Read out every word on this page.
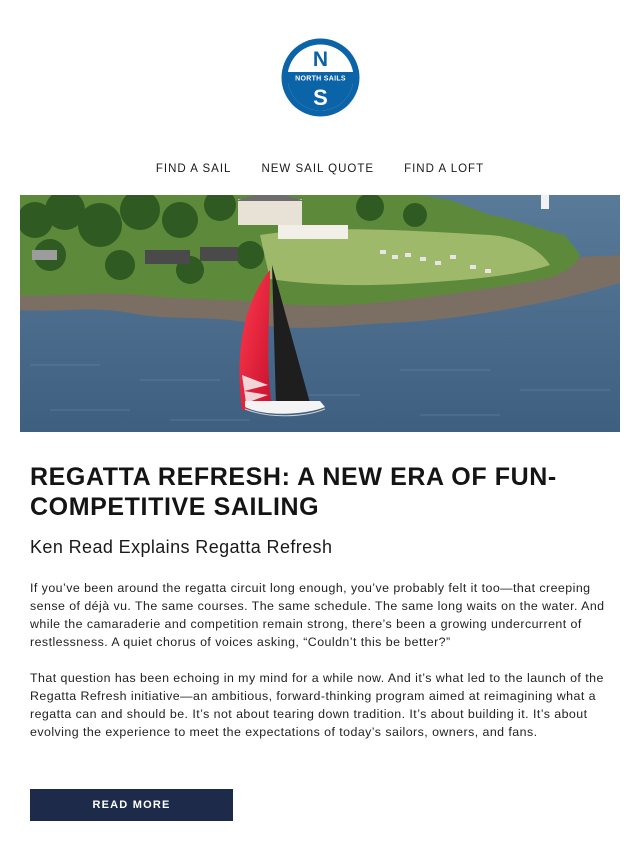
N
NORTH SAILS
S
FIND A SAIL	NEW SAIL QUOTE	FIND A LOFT
REGATTA REFRESH: A NEW ERA OF FUN-COMPETITIVE SAILING
Ken Read Explains Regatta Refresh

If you’ve been around the regatta circuit long enough, you’ve probably felt it too—that creeping sense of déjà vu. The same courses. The same schedule. The same long waits on the water. And while the camaraderie and competition remain strong, there’s been a growing undercurrent of restlessness. A quiet chorus of voices asking, “Couldn’t this be better?”

That question has been echoing in my mind for a while now. And it’s what led to the launch of the Regatta Refresh initiative—an ambitious, forward-thinking program aimed at reimagining what a regatta can and should be. It’s not about tearing down tradition. It’s about building it. It’s about evolving the experience to meet the expectations of today’s sailors, owners, and fans.

READ MORE
